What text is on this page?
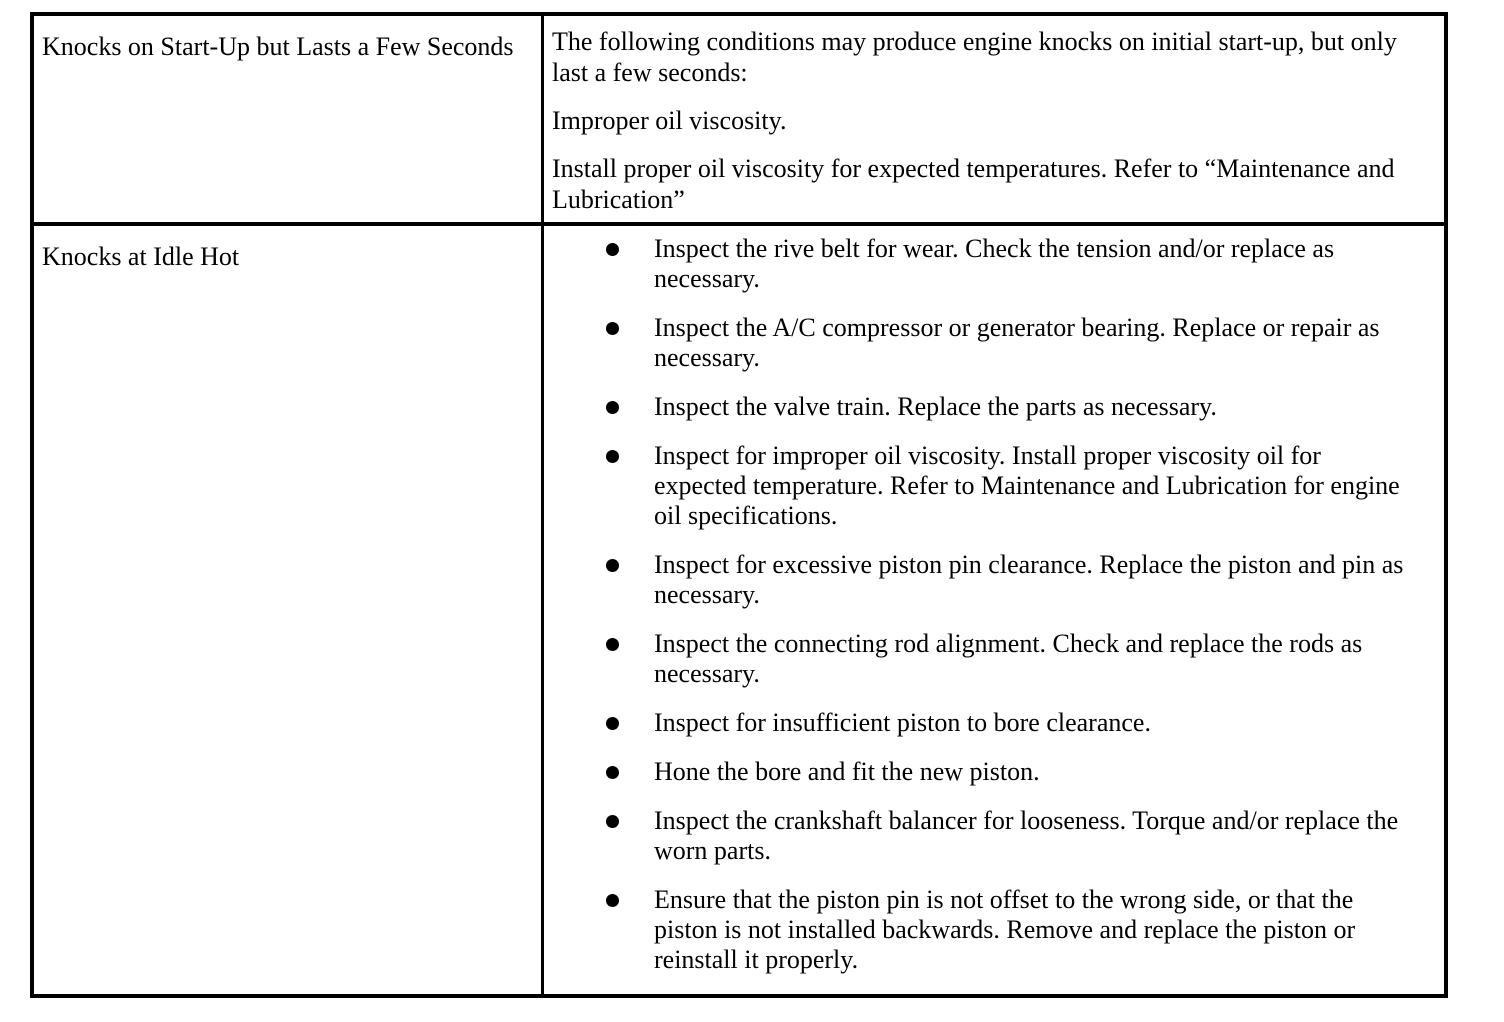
Knocks on Start-Up but Lasts a Few Seconds	The following conditions may produce engine knocks on initial start-up, but only last a few seconds:

Improper oil viscosity.

Install proper oil viscosity for expected temperatures. Refer to “Maintenance and Lubrication”

Knocks at Idle Hot	Inspect the rive belt for wear. Check the tension and/or replace as necessary.
Inspect the A/C compressor or generator bearing. Replace or repair as necessary.
Inspect the valve train. Replace the parts as necessary.
Inspect for improper oil viscosity. Install proper viscosity oil for expected temperature. Refer to Maintenance and Lubrication for engine oil specifications.
Inspect for excessive piston pin clearance. Replace the piston and pin as necessary.
Inspect the connecting rod alignment. Check and replace the rods as necessary.
Inspect for insufficient piston to bore clearance.
Hone the bore and fit the new piston.
Inspect the crankshaft balancer for looseness. Torque and/or replace the worn parts.
Ensure that the piston pin is not offset to the wrong side, or that the piston is not installed backwards. Remove and replace the piston or reinstall it properly.
